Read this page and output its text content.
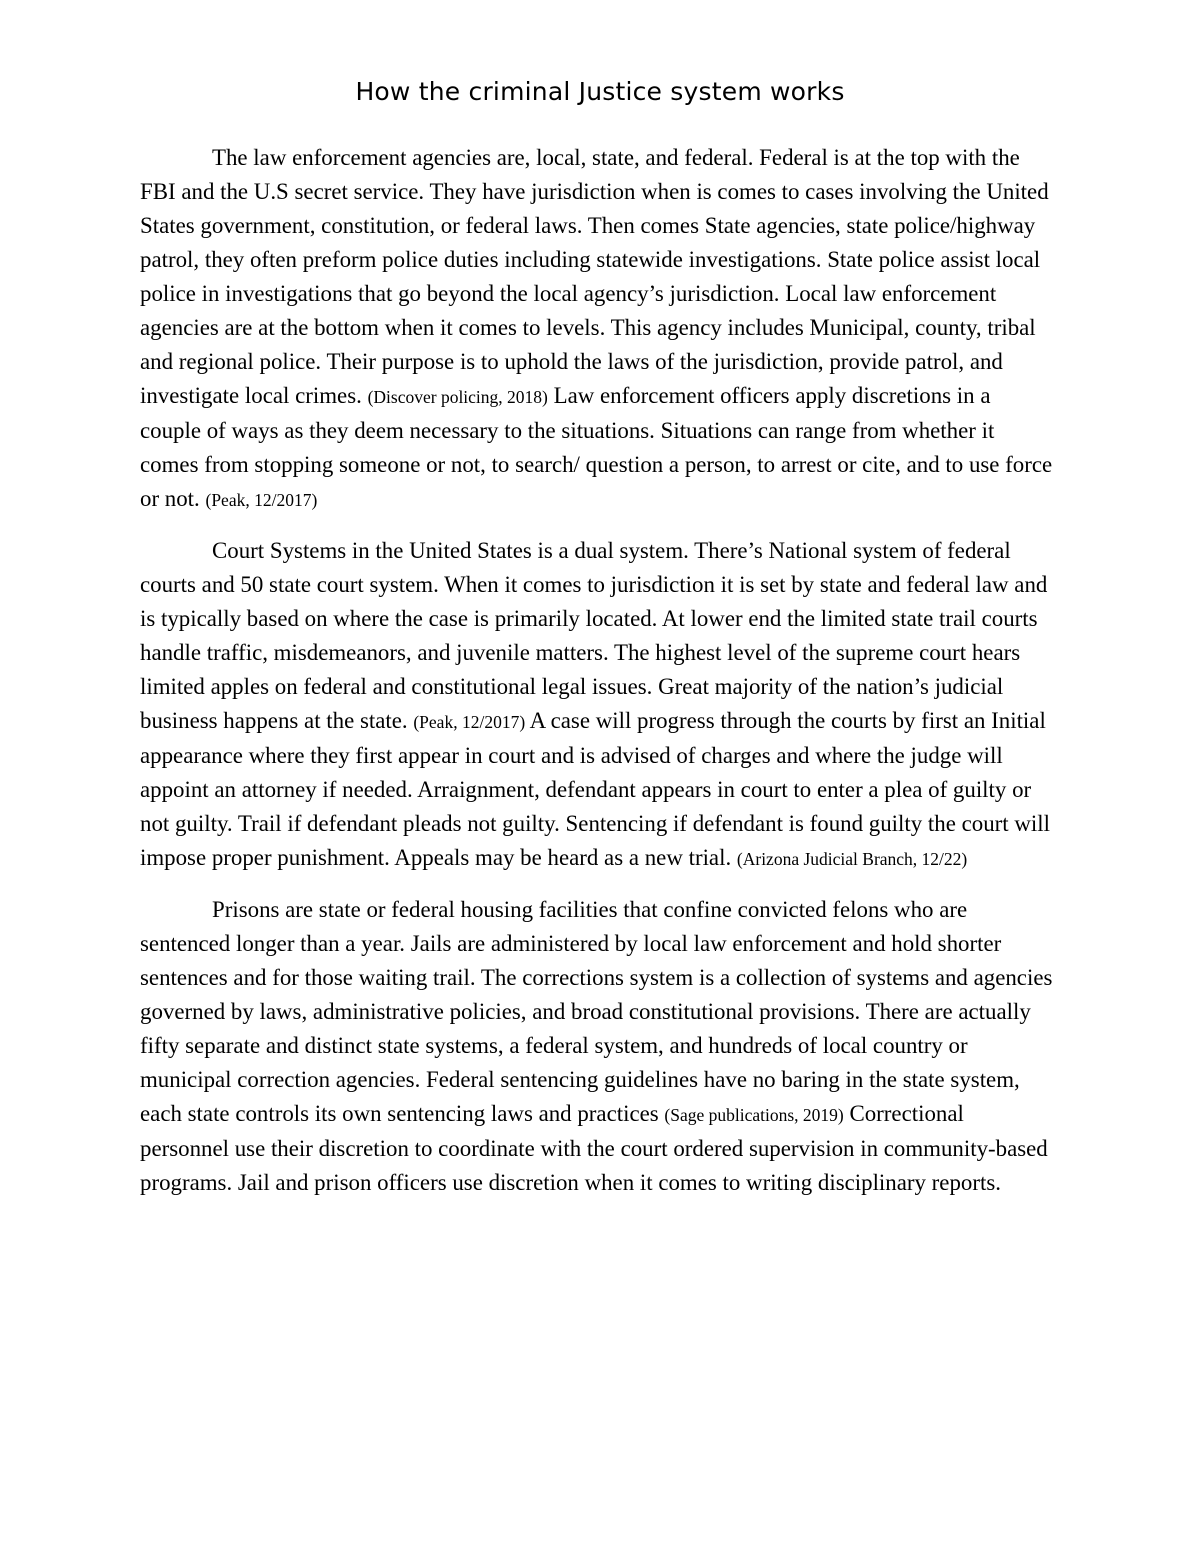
How the criminal Justice system works

The law enforcement agencies are, local, state, and federal. Federal is at the top with the FBI and the U.S secret service. They have jurisdiction when is comes to cases involving the United States government, constitution, or federal laws. Then comes State agencies, state police/highway patrol, they often preform police duties including statewide investigations. State police assist local police in investigations that go beyond the local agency’s jurisdiction. Local law enforcement agencies are at the bottom when it comes to levels. This agency includes Municipal, county, tribal and regional police. Their purpose is to uphold the laws of the jurisdiction, provide patrol, and investigate local crimes. (Discover policing, 2018) Law enforcement officers apply discretions in a couple of ways as they deem necessary to the situations. Situations can range from whether it comes from stopping someone or not, to search/ question a person, to arrest or cite, and to use force or not. (Peak, 12/2017)

Court Systems in the United States is a dual system. There’s National system of federal courts and 50 state court system. When it comes to jurisdiction it is set by state and federal law and is typically based on where the case is primarily located. At lower end the limited state trail courts handle traffic, misdemeanors, and juvenile matters. The highest level of the supreme court hears limited apples on federal and constitutional legal issues. Great majority of the nation’s judicial business happens at the state. (Peak, 12/2017) A case will progress through the courts by first an Initial appearance where they first appear in court and is advised of charges and where the judge will appoint an attorney if needed. Arraignment, defendant appears in court to enter a plea of guilty or not guilty. Trail if defendant pleads not guilty. Sentencing if defendant is found guilty the court will impose proper punishment. Appeals may be heard as a new trial. (Arizona Judicial Branch, 12/22)

Prisons are state or federal housing facilities that confine convicted felons who are sentenced longer than a year. Jails are administered by local law enforcement and hold shorter sentences and for those waiting trail. The corrections system is a collection of systems and agencies governed by laws, administrative policies, and broad constitutional provisions. There are actually fifty separate and distinct state systems, a federal system, and hundreds of local country or municipal correction agencies. Federal sentencing guidelines have no baring in the state system, each state controls its own sentencing laws and practices (Sage publications, 2019) Correctional personnel use their discretion to coordinate with the court ordered supervision in community-based programs. Jail and prison officers use discretion when it comes to writing disciplinary reports.
